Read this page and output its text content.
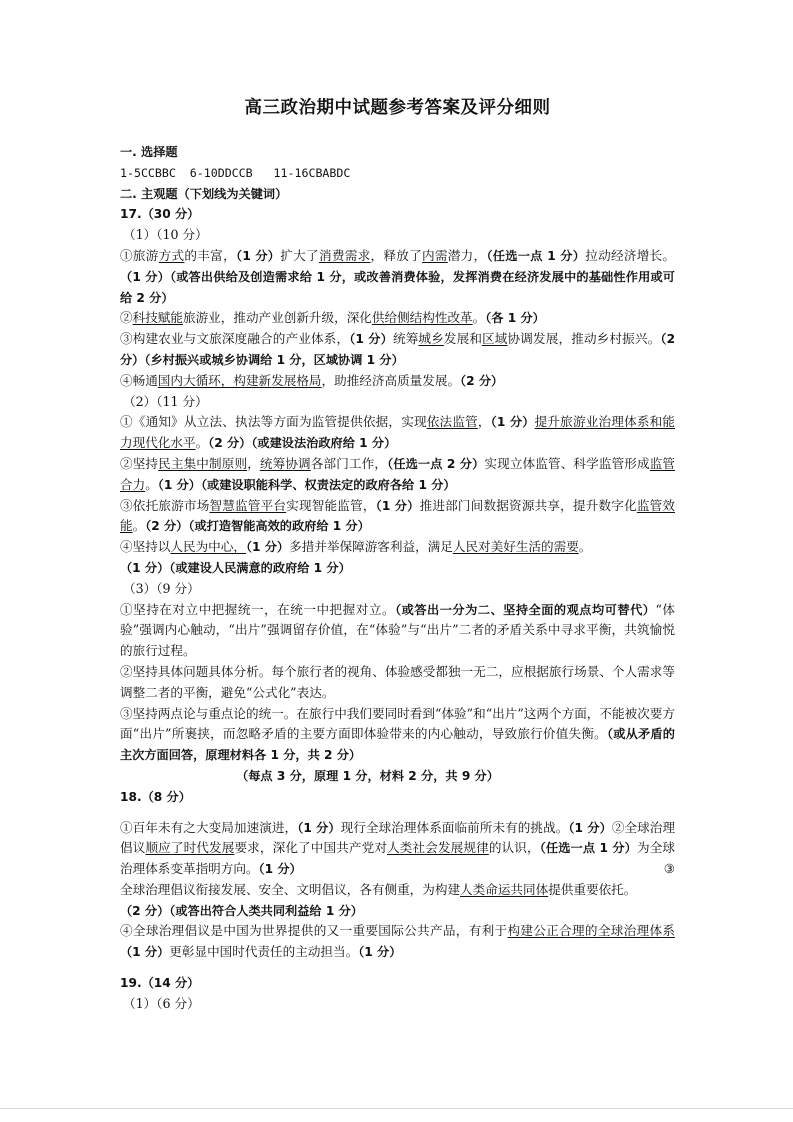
高三政治期中试题参考答案及评分细则
一. 选择题
1-5CCBBC  6-10DDCCB   11-16CBABDC
二. 主观题（下划线为关键词）
17.（30 分）
（1）（10 分）
①旅游方式的丰富，（1 分）扩大了消费需求，释放了内需潜力，（任选一点 1 分）拉动经济增长。（1 分）（或答出供给及创造需求给 1 分，或改善消费体验，发挥消费在经济发展中的基础性作用或可给 2 分）
②科技赋能旅游业，推动产业创新升级，深化供给侧结构性改革。（各 1 分）
③构建农业与文旅深度融合的产业体系，（1 分）统筹城乡发展和区域协调发展，推动乡村振兴。（2 分）（乡村振兴或城乡协调给 1 分，区域协调 1 分）
④畅通国内大循环，构建新发展格局，助推经济高质量发展。（2 分）
（2）（11 分）
①《通知》从立法、执法等方面为监管提供依据，实现依法监管，（1 分）提升旅游业治理体系和能力现代化水平。（2 分）（或建设法治政府给 1 分）
②坚持民主集中制原则，统筹协调各部门工作，（任选一点 2 分）实现立体监管、科学监管形成监管合力。（1 分）（或建设职能科学、权责法定的政府各给 1 分）
③依托旅游市场智慧监管平台实现智能监管，（1 分）推进部门间数据资源共享，提升数字化监管效能。（2 分）（或打造智能高效的政府给 1 分）
④坚持以人民为中心，（1 分）多措并举保障游客利益，满足人民对美好生活的需要。
（1 分）（或建设人民满意的政府给 1 分）
（3）（9 分）
①坚持在对立中把握统一，在统一中把握对立。（或答出一分为二、坚持全面的观点均可替代）“体验”强调内心触动，“出片”强调留存价值，在“体验”与“出片”二者的矛盾关系中寻求平衡，共筑愉悦的旅行过程。
②坚持具体问题具体分析。每个旅行者的视角、体验感受都独一无二，应根据旅行场景、个人需求等调整二者的平衡，避免“公式化”表达。
③坚持两点论与重点论的统一。在旅行中我们要同时看到“体验”和“出片”这两个方面，不能被次要方面“出片”所裹挟，而忽略矛盾的主要方面即体验带来的内心触动，导致旅行价值失衡。（或从矛盾的主次方面回答，原理材料各 1 分，共 2 分）
（每点 3 分，原理 1 分，材料 2 分，共 9 分）
18.（8 分）
①百年未有之大变局加速演进，（1 分）现行全球治理体系面临前所未有的挑战。（1 分）②全球治理倡议顺应了时代发展要求，深化了中国共产党对人类社会发展规律的认识，（任选一点 1 分）为全球治理体系变革指明方向。（1 分）	③
全球治理倡议衔接发展、安全、文明倡议，各有侧重，为构建人类命运共同体提供重要依托。
（2 分）（或答出符合人类共同利益给 1 分）
④全球治理倡议是中国为世界提供的又一重要国际公共产品，有利于构建公正合理的全球治理体系（1 分）更彰显中国时代责任的主动担当。（1 分）
19.（14 分）
（1）（6 分）
